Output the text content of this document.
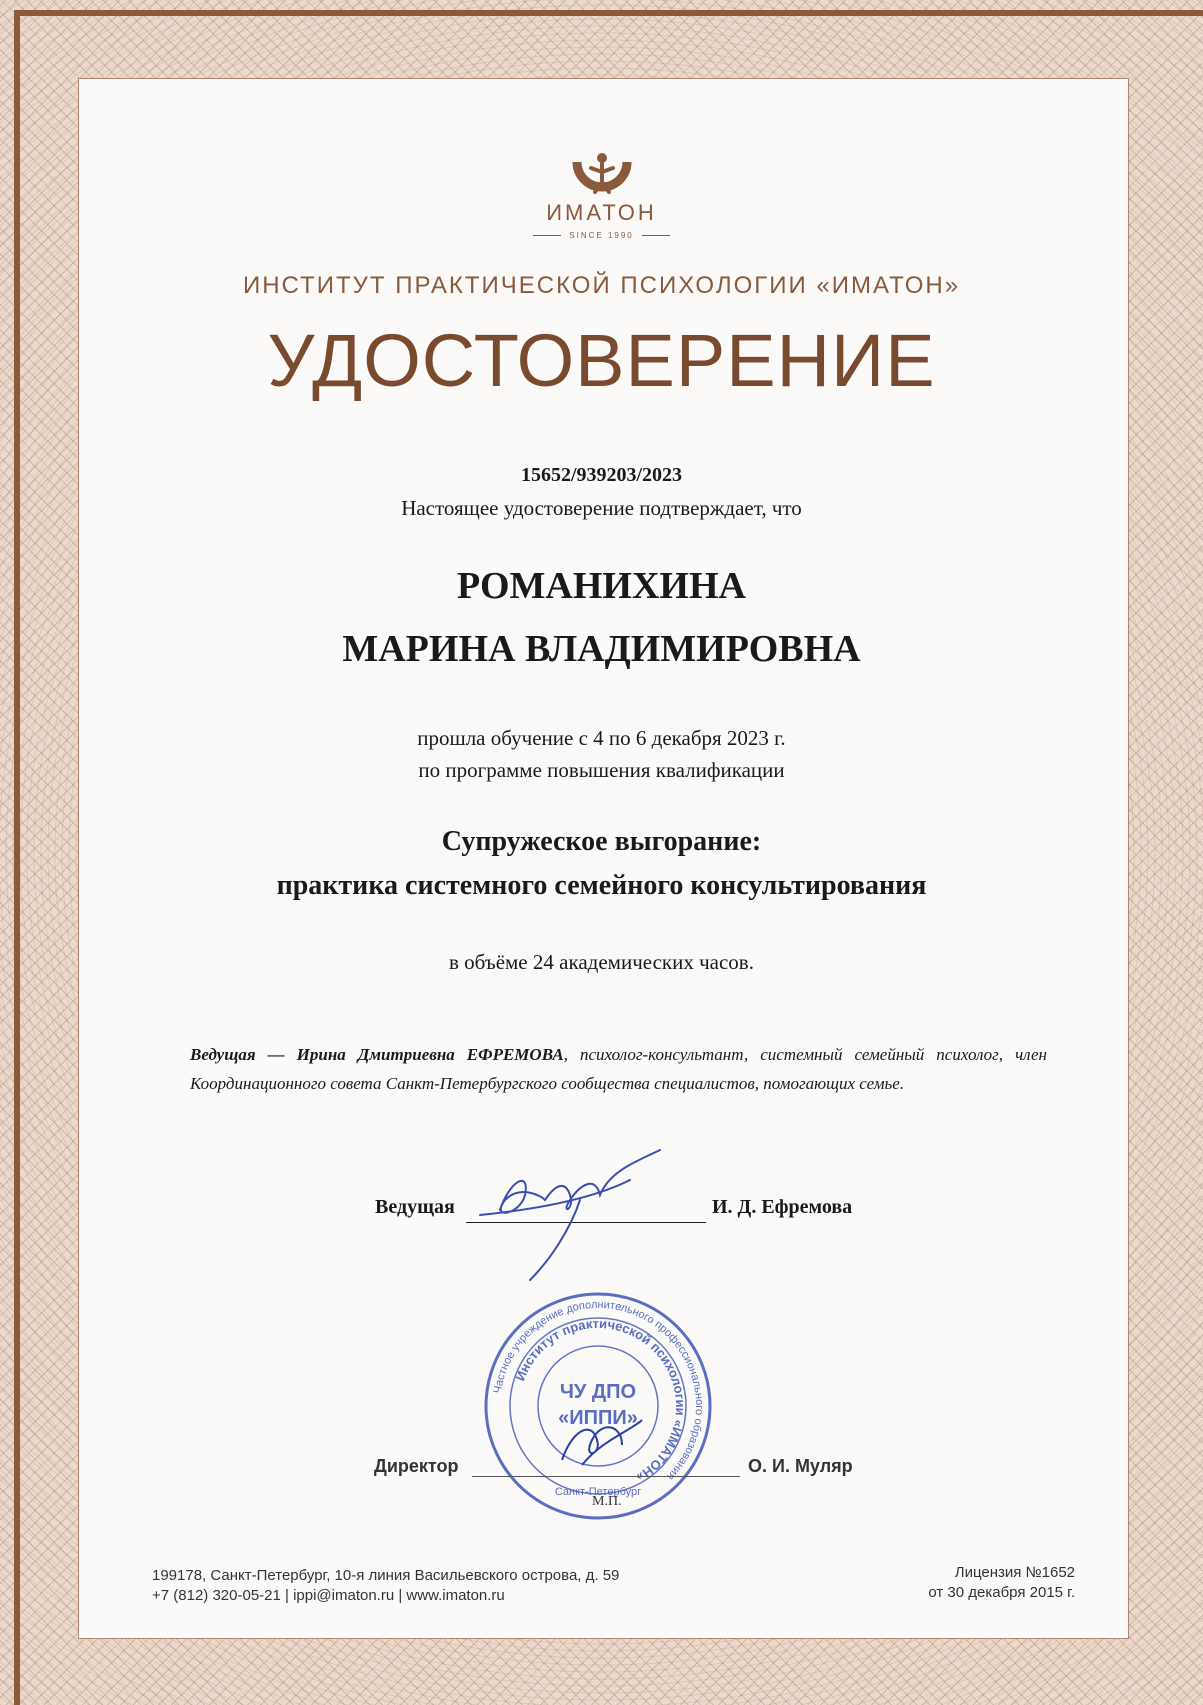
ИМАТОН
SINCE 1990
ИНСТИТУТ ПРАКТИЧЕСКОЙ ПСИХОЛОГИИ «ИМАТОН»
УДОСТОВЕРЕНИЕ
15652/939203/2023
Настоящее удостоверение подтверждает, что
РОМАНИХИНА
МАРИНА ВЛАДИМИРОВНА
прошла обучение с 4 по 6 декабря 2023 г.
по программе повышения квалификации
Супружеское выгорание:
практика системного семейного консультирования
в объёме 24 академических часов.
Ведущая — Ирина Дмитриевна ЕФРЕМОВА, психолог-консультант, системный семейный психолог, член Координационного совета Санкт-Петербургского сообщества специалистов, помогающих семье.
Ведущая	И. Д. Ефремова
Частное учреждение дополнительного профессионального образования
Институт практической психологии «ИМАТОН»
ЧУ ДПО
«ИППИ»
Санкт-Петербург
Директор	О. И. Муляр
М.П.
199178, Санкт-Петербург, 10-я линия Васильевского острова, д. 59
+7 (812) 320-05-21 | ippi@imaton.ru | www.imaton.ru
Лицензия №1652
от 30 декабря 2015 г.
